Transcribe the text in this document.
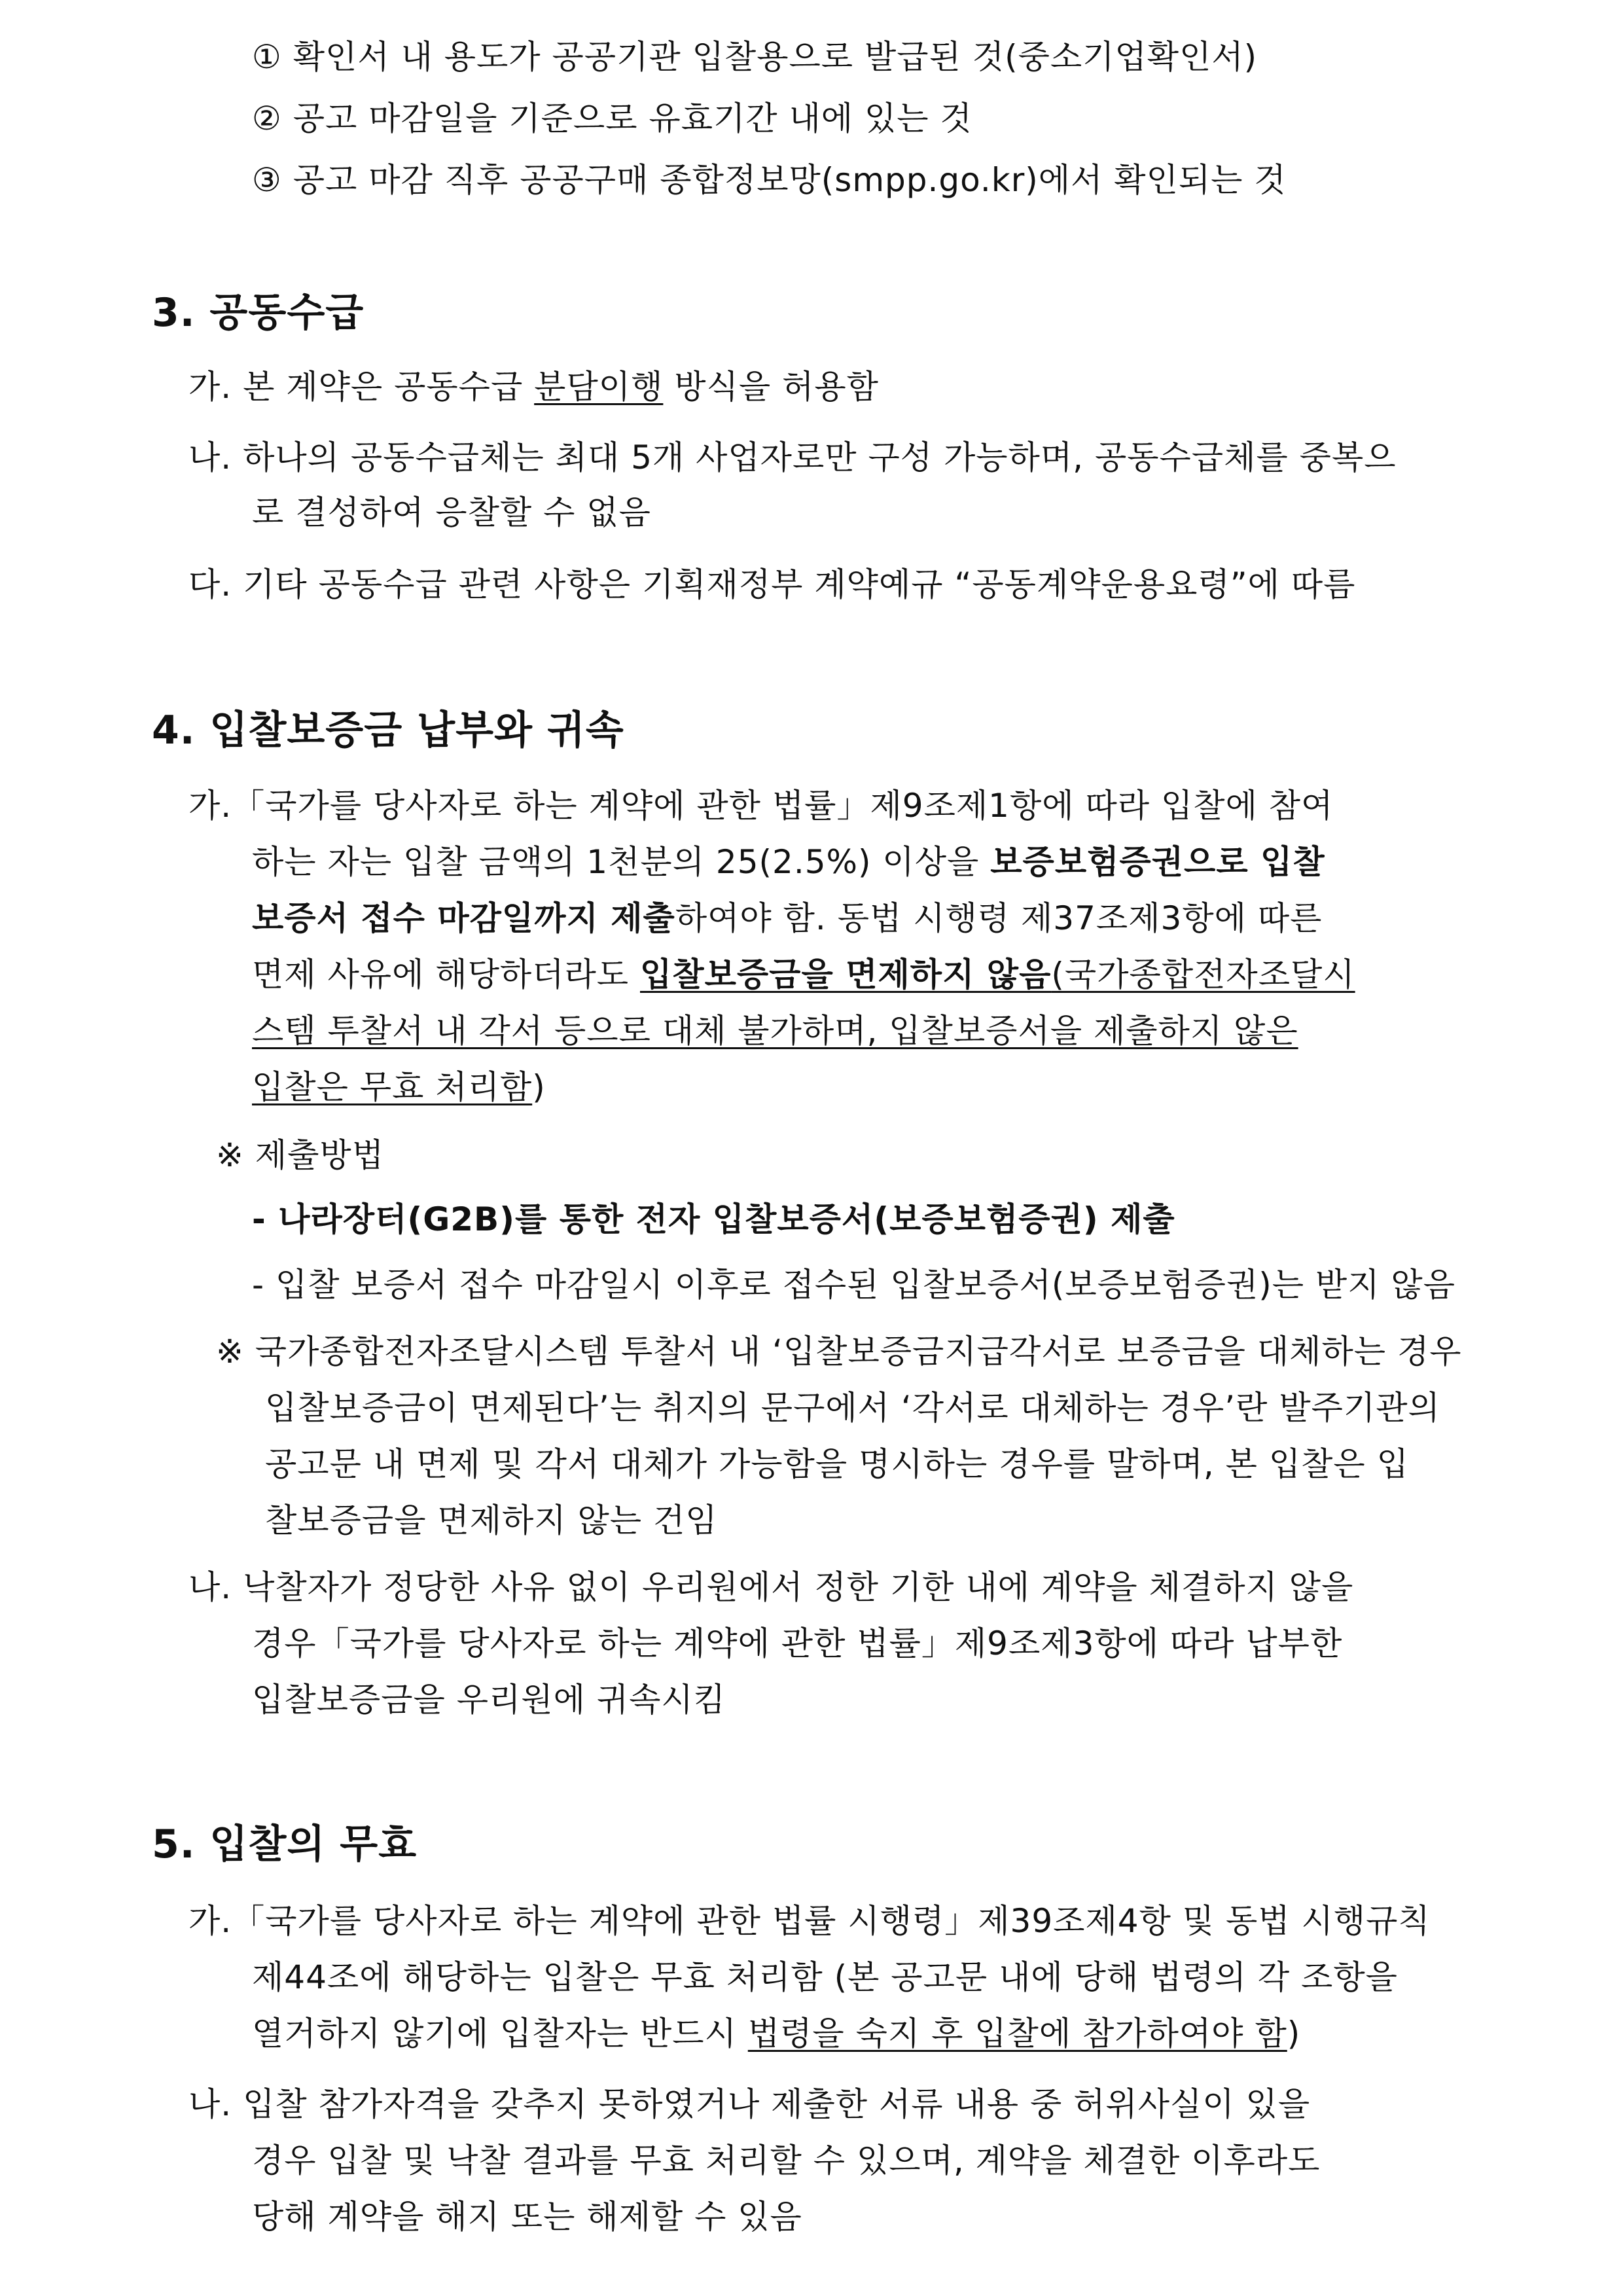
① 확인서 내 용도가 공공기관 입찰용으로 발급된 것(중소기업확인서)
② 공고 마감일을 기준으로 유효기간 내에 있는 것
③ 공고 마감 직후 공공구매 종합정보망(smpp.go.kr)에서 확인되는 것
3. 공동수급
가. 본 계약은 공동수급 분담이행 방식을 허용함
나. 하나의 공동수급체는 최대 5개 사업자로만 구성 가능하며, 공동수급체를 중복으
로 결성하여 응찰할 수 없음
다. 기타 공동수급 관련 사항은 기획재정부 계약예규 “공동계약운용요령”에 따름
4. 입찰보증금 납부와 귀속
가.「국가를 당사자로 하는 계약에 관한 법률」제9조제1항에 따라 입찰에 참여
하는 자는 입찰 금액의 1천분의 25(2.5%) 이상을 보증보험증권으로 입찰
보증서 접수 마감일까지 제출하여야 함. 동법 시행령 제37조제3항에 따른
면제 사유에 해당하더라도 입찰보증금을 면제하지 않음(국가종합전자조달시
스템 투찰서 내 각서 등으로 대체 불가하며, 입찰보증서을 제출하지 않은
입찰은 무효 처리함)
※ 제출방법
- 나라장터(G2B)를 통한 전자 입찰보증서(보증보험증권) 제출
- 입찰 보증서 접수 마감일시 이후로 접수된 입찰보증서(보증보험증권)는 받지 않음
※ 국가종합전자조달시스템 투찰서 내 ‘입찰보증금지급각서로 보증금을 대체하는 경우
입찰보증금이 면제된다’는 취지의 문구에서 ‘각서로 대체하는 경우’란 발주기관의
공고문 내 면제 및 각서 대체가 가능함을 명시하는 경우를 말하며, 본 입찰은 입
찰보증금을 면제하지 않는 건임
나. 낙찰자가 정당한 사유 없이 우리원에서 정한 기한 내에 계약을 체결하지 않을
경우「국가를 당사자로 하는 계약에 관한 법률」제9조제3항에 따라 납부한
입찰보증금을 우리원에 귀속시킴
5. 입찰의 무효
가.「국가를 당사자로 하는 계약에 관한 법률 시행령」제39조제4항 및 동법 시행규칙
제44조에 해당하는 입찰은 무효 처리함 (본 공고문 내에 당해 법령의 각 조항을
열거하지 않기에 입찰자는 반드시 법령을 숙지 후 입찰에 참가하여야 함)
나. 입찰 참가자격을 갖추지 못하였거나 제출한 서류 내용 중 허위사실이 있을
경우 입찰 및 낙찰 결과를 무효 처리할 수 있으며, 계약을 체결한 이후라도
당해 계약을 해지 또는 해제할 수 있음
